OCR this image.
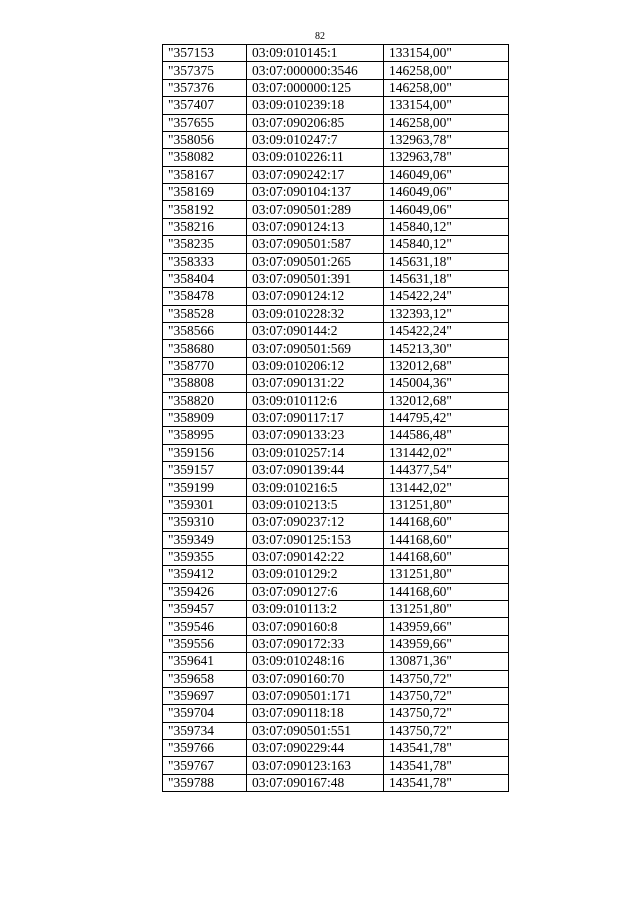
82
"357153	03:09:010145:1	133154,00"
"357375	03:07:000000:3546	146258,00"
"357376	03:07:000000:125	146258,00"
"357407	03:09:010239:18	133154,00"
"357655	03:07:090206:85	146258,00"
"358056	03:09:010247:7	132963,78"
"358082	03:09:010226:11	132963,78"
"358167	03:07:090242:17	146049,06"
"358169	03:07:090104:137	146049,06"
"358192	03:07:090501:289	146049,06"
"358216	03:07:090124:13	145840,12"
"358235	03:07:090501:587	145840,12"
"358333	03:07:090501:265	145631,18"
"358404	03:07:090501:391	145631,18"
"358478	03:07:090124:12	145422,24"
"358528	03:09:010228:32	132393,12"
"358566	03:07:090144:2	145422,24"
"358680	03:07:090501:569	145213,30"
"358770	03:09:010206:12	132012,68"
"358808	03:07:090131:22	145004,36"
"358820	03:09:010112:6	132012,68"
"358909	03:07:090117:17	144795,42"
"358995	03:07:090133:23	144586,48"
"359156	03:09:010257:14	131442,02"
"359157	03:07:090139:44	144377,54"
"359199	03:09:010216:5	131442,02"
"359301	03:09:010213:5	131251,80"
"359310	03:07:090237:12	144168,60"
"359349	03:07:090125:153	144168,60"
"359355	03:07:090142:22	144168,60"
"359412	03:09:010129:2	131251,80"
"359426	03:07:090127:6	144168,60"
"359457	03:09:010113:2	131251,80"
"359546	03:07:090160:8	143959,66"
"359556	03:07:090172:33	143959,66"
"359641	03:09:010248:16	130871,36"
"359658	03:07:090160:70	143750,72"
"359697	03:07:090501:171	143750,72"
"359704	03:07:090118:18	143750,72"
"359734	03:07:090501:551	143750,72"
"359766	03:07:090229:44	143541,78"
"359767	03:07:090123:163	143541,78"
"359788	03:07:090167:48	143541,78"
